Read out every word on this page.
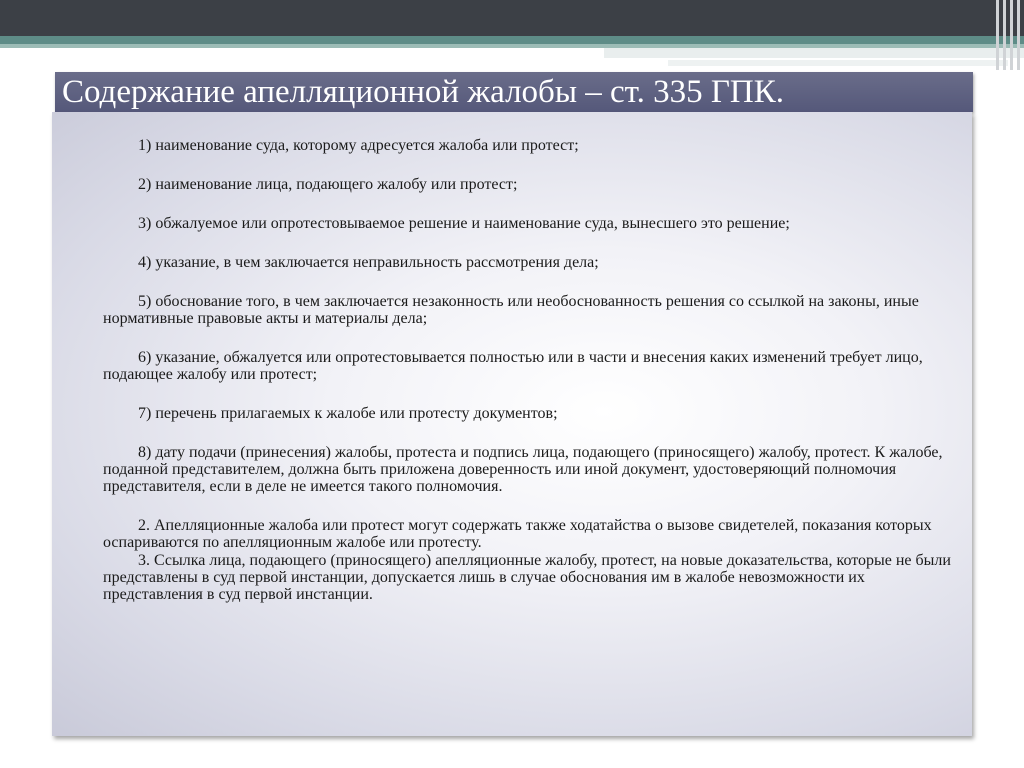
Содержание апелляционной жалобы – ст. 335 ГПК.

1) наименование суда, которому адресуется жалоба или протест;

2) наименование лица, подающего жалобу или протест;

3) обжалуемое или опротестовываемое решение и наименование суда, вынесшего это решение;

4) указание, в чем заключается неправильность рассмотрения дела;

5) обоснование того, в чем заключается незаконность или необоснованность решения со ссылкой на законы, иные нормативные правовые акты и материалы дела;

6) указание, обжалуется или опротестовывается полностью или в части и внесения каких изменений требует лицо, подающее жалобу или протест;

7) перечень прилагаемых к жалобе или протесту документов;

8) дату подачи (принесения) жалобы, протеста и подпись лица, подающего (приносящего) жалобу, протест. К жалобе, поданной представителем, должна быть приложена доверенность или иной документ, удостоверяющий полномочия представителя, если в деле не имеется такого полномочия.

2. Апелляционные жалоба или протест могут содержать также ходатайства о вызове свидетелей, показания которых оспариваются по апелляционным жалобе или протесту.

3. Ссылка лица, подающего (приносящего) апелляционные жалобу, протест, на новые доказательства, которые не были представлены в суд первой инстанции, допускается лишь в случае обоснования им в жалобе невозможности их представления в суд первой инстанции.
